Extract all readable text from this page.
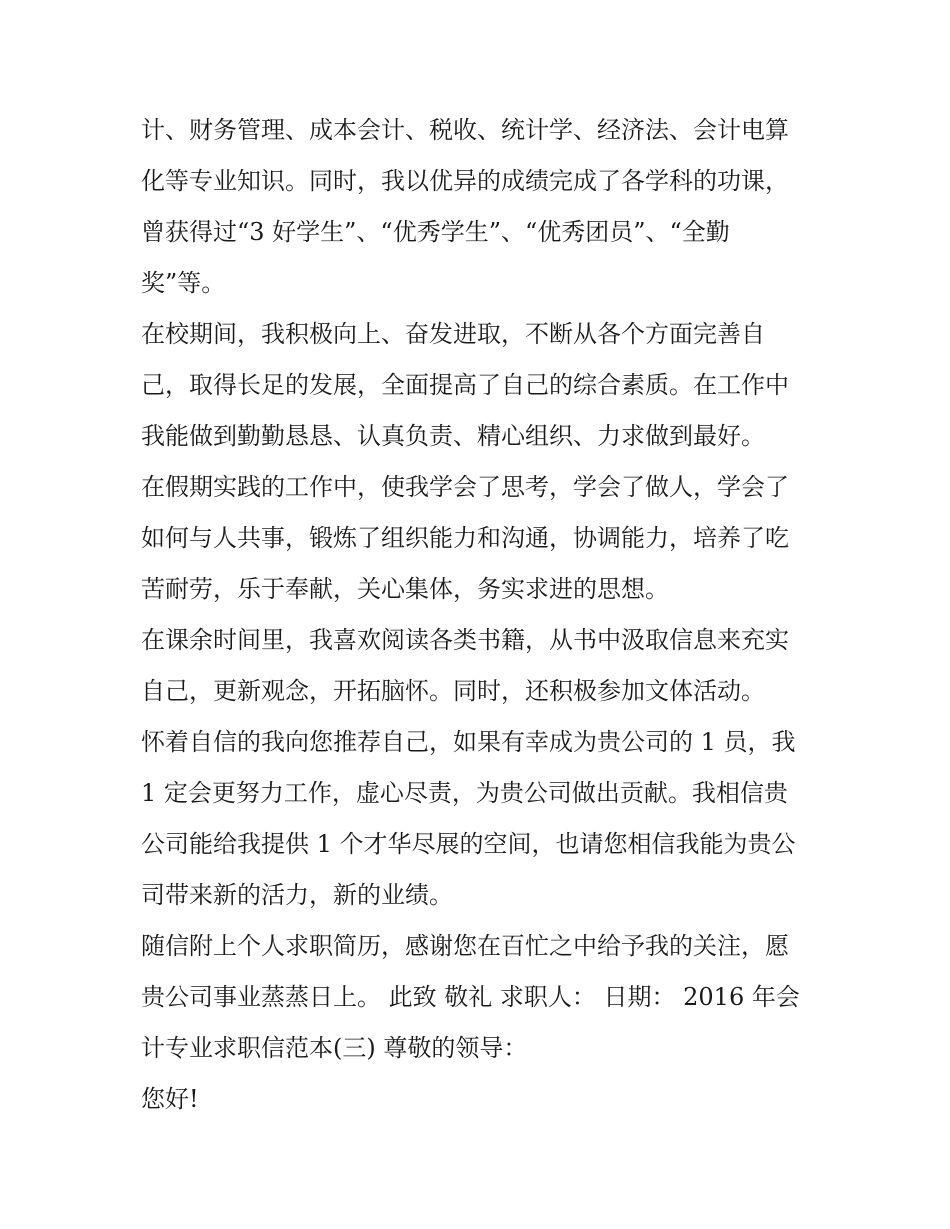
计、财务管理、成本会计、税收、统计学、经济法、会计电算
化等专业知识。同时，我以优异的成绩完成了各学科的功课，
曾获得过“3 好学生”、“优秀学生”、“优秀团员”、“全勤
奖”等。
在校期间，我积极向上、奋发进取，不断从各个方面完善自
己，取得长足的发展，全面提高了自己的综合素质。在工作中
我能做到勤勤恳恳、认真负责、精心组织、力求做到最好。
在假期实践的工作中，使我学会了思考，学会了做人，学会了
如何与人共事，锻炼了组织能力和沟通，协调能力，培养了吃
苦耐劳，乐于奉献，关心集体，务实求进的思想。
在课余时间里，我喜欢阅读各类书籍，从书中汲取信息来充实
自己，更新观念，开拓脑怀。同时，还积极参加文体活动。
怀着自信的我向您推荐自己，如果有幸成为贵公司的 1 员，我
1 定会更努力工作，虚心尽责，为贵公司做出贡献。我相信贵
公司能给我提供 1 个才华尽展的空间，也请您相信我能为贵公
司带来新的活力，新的业绩。
随信附上个人求职简历，感谢您在百忙之中给予我的关注，愿
贵公司事业蒸蒸日上。 此致 敬礼 求职人： 日期： 2016 年会
计专业求职信范本(三) 尊敬的领导：
您好!
